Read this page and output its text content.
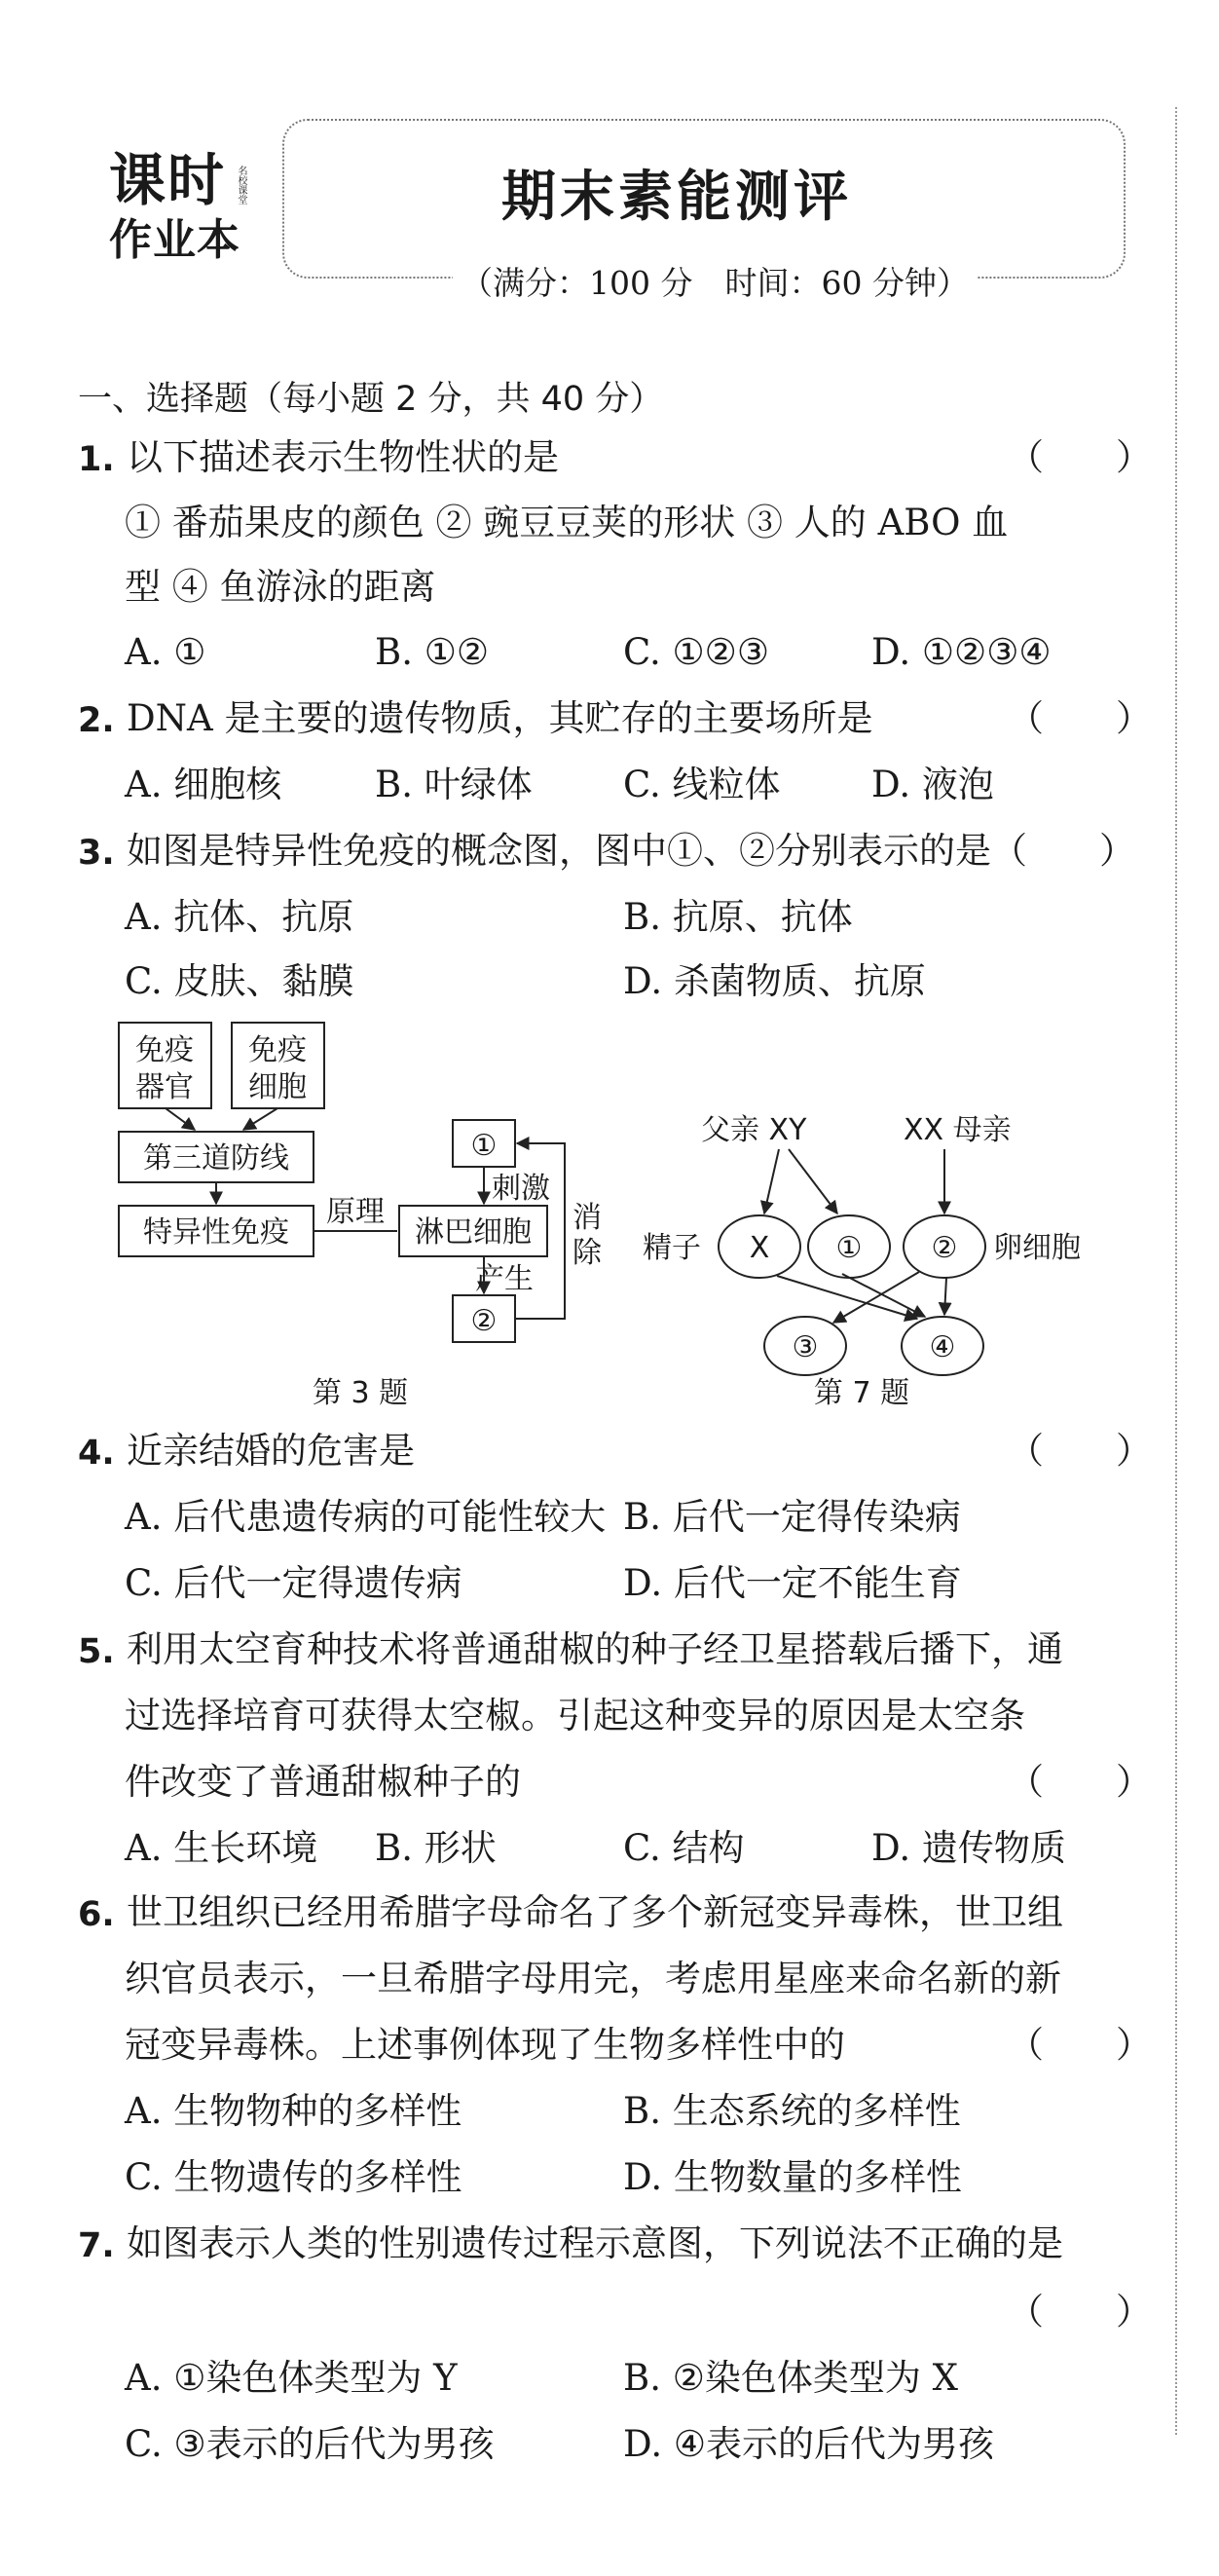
课时 名校课堂
作业本
期末素能测评
（满分：100 分　时间：60 分钟）
一、选择题（每小题 2 分，共 40 分）
1. 以下描述表示生物性状的是	（　　）
① 番茄果皮的颜色 ② 豌豆豆荚的形状 ③ 人的 ABO 血
型 ④ 鱼游泳的距离
A. ①	B. ①②	C. ①②③	D. ①②③④
2. DNA 是主要的遗传物质，其贮存的主要场所是	（　　）
A. 细胞核	B. 叶绿体	C. 线粒体	D. 液泡
3. 如图是特异性免疫的概念图，图中①、②分别表示的是（　　）
A. 抗体、抗原	B. 抗原、抗体
C. 皮肤、黏膜	D. 杀菌物质、抗原
免疫
器官
免疫
细胞
第三道防线
特异性免疫
原理
淋巴细胞
①
②
刺激
产生
消
除
第 3 题
父亲 XY	XX 母亲
精子	卵细胞
X ① ②
③	④
第 7 题
4. 近亲结婚的危害是	（　　）
A. 后代患遗传病的可能性较大 B. 后代一定得传染病
C. 后代一定得遗传病	D. 后代一定不能生育
5. 利用太空育种技术将普通甜椒的种子经卫星搭载后播下，通
过选择培育可获得太空椒。引起这种变异的原因是太空条
件改变了普通甜椒种子的	（　　）
A. 生长环境 B. 形状	C. 结构	D. 遗传物质
6. 世卫组织已经用希腊字母命名了多个新冠变异毒株，世卫组
织官员表示，一旦希腊字母用完，考虑用星座来命名新的新
冠变异毒株。上述事例体现了生物多样性中的	（　　）
A. 生物物种的多样性	B. 生态系统的多样性
C. 生物遗传的多样性	D. 生物数量的多样性
7. 如图表示人类的性别遗传过程示意图，下列说法不正确的是
（　　）
A. ①染色体类型为 Y	B. ②染色体类型为 X
C. ③表示的后代为男孩	D. ④表示的后代为男孩
